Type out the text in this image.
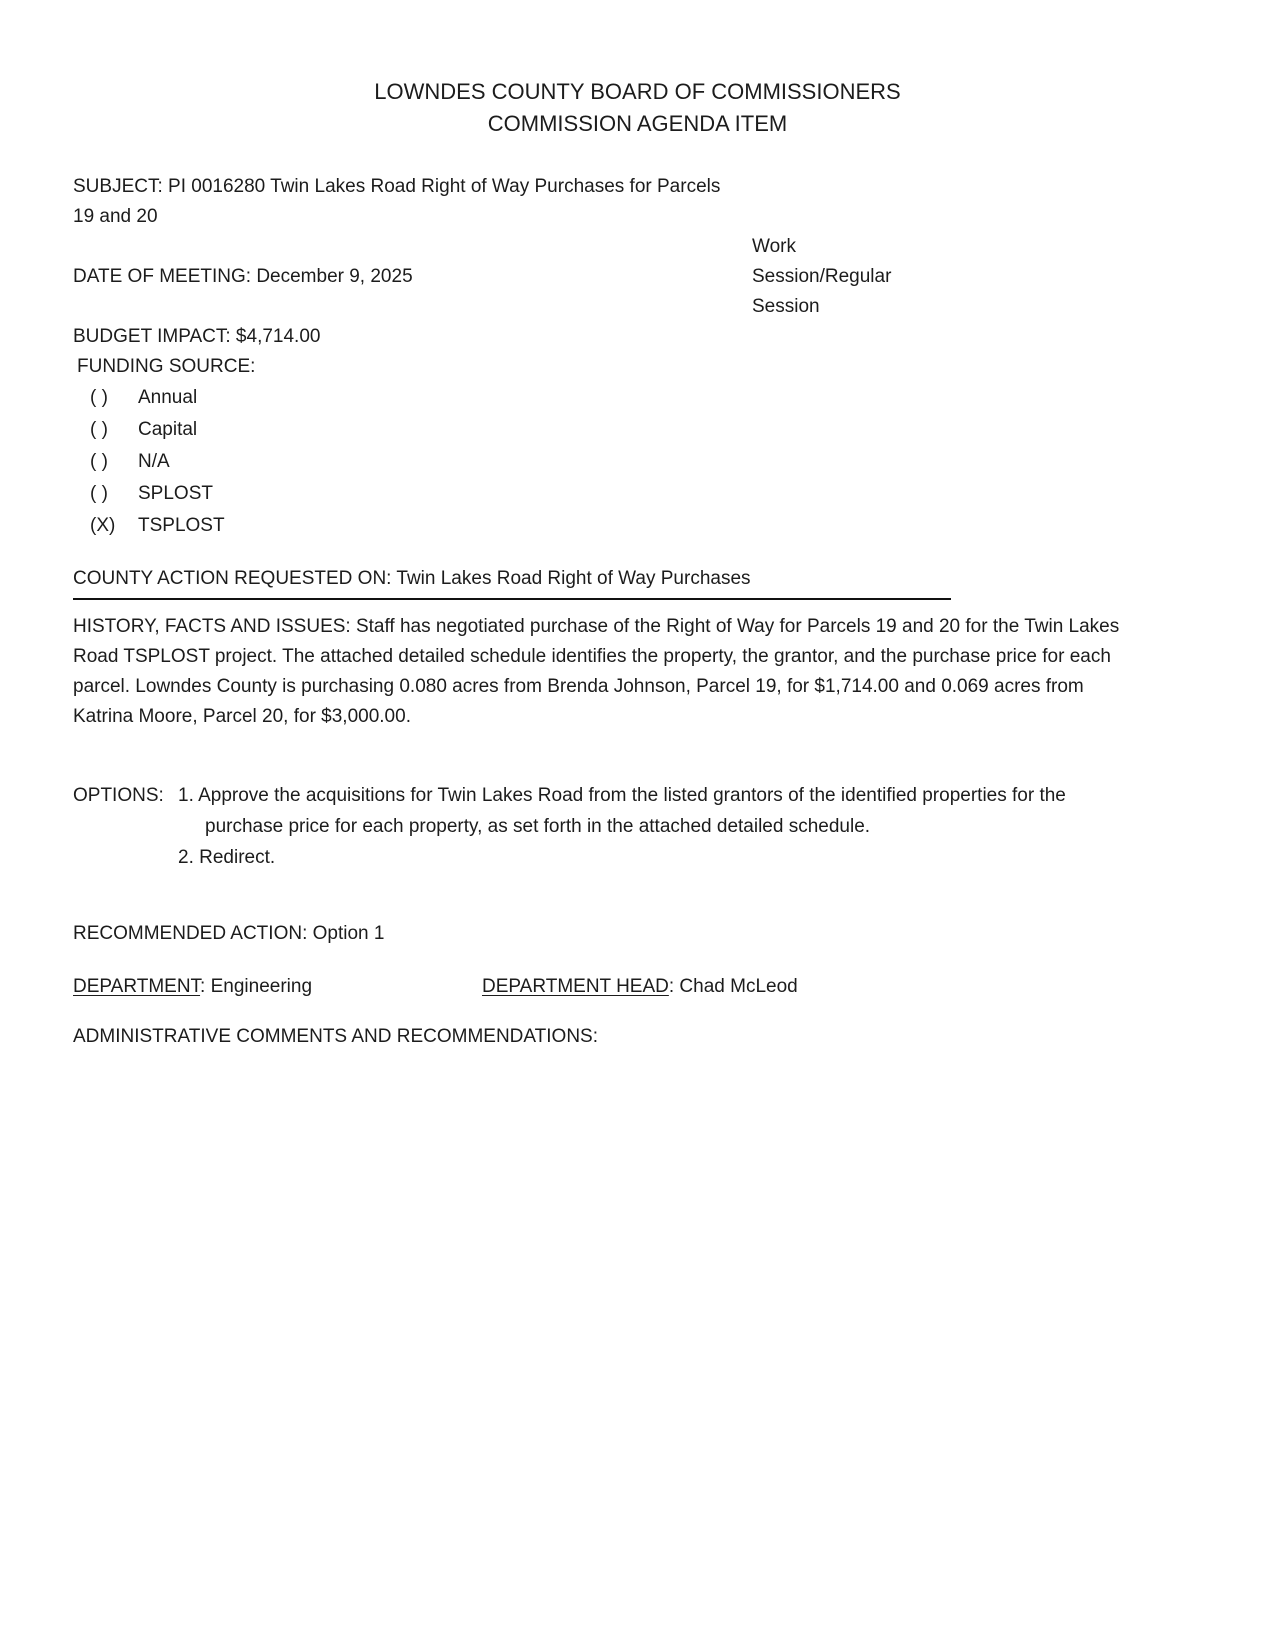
LOWNDES COUNTY BOARD OF COMMISSIONERS
COMMISSION AGENDA ITEM
SUBJECT: PI 0016280 Twin Lakes Road Right of Way Purchases for Parcels 19 and 20
DATE OF MEETING: December 9, 2025
Work Session/Regular Session
BUDGET IMPACT: $4,714.00
FUNDING SOURCE:
( ) Annual
( ) Capital
( ) N/A
( ) SPLOST
(X) TSPLOST
COUNTY ACTION REQUESTED ON: Twin Lakes Road Right of Way Purchases
HISTORY, FACTS AND ISSUES: Staff has negotiated purchase of the Right of Way for Parcels 19 and 20 for the Twin Lakes Road TSPLOST project. The attached detailed schedule identifies the property, the grantor, and the purchase price for each parcel. Lowndes County is purchasing 0.080 acres from Brenda Johnson, Parcel 19, for $1,714.00 and 0.069 acres from Katrina Moore, Parcel 20, for $3,000.00.
OPTIONS: 1. Approve the acquisitions for Twin Lakes Road from the listed grantors of the identified properties for the purchase price for each property, as set forth in the attached detailed schedule.
2. Redirect.
RECOMMENDED ACTION: Option 1
DEPARTMENT: Engineering	DEPARTMENT HEAD: Chad McLeod
ADMINISTRATIVE COMMENTS AND RECOMMENDATIONS:
